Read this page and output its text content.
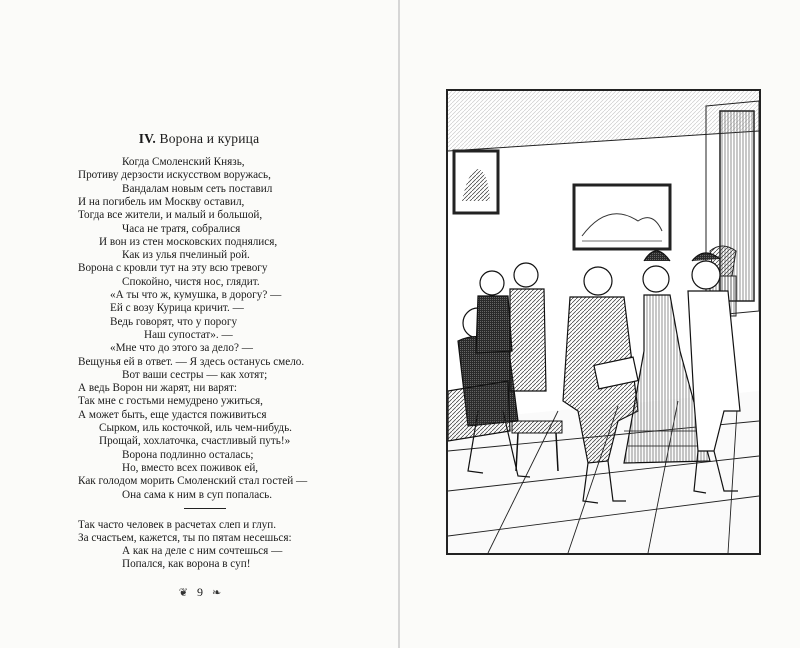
IV. Ворона и курица
Когда Смоленский Князь,
Противу дерзости искусством воружась,
Вандалам новым сеть поставил
И на погибель им Москву оставил,
Тогда все жители, и малый и большой,
Часа не тратя, собралися
И вон из стен московских поднялися,
Как из улья пчелиный рой.
Ворона с кровли тут на эту всю тревогу
Спокойно, чистя нос, глядит.
«А ты что ж, кумушка, в дорогу? —
Ей с возу Курица кричит. —
Ведь говорят, что у порогу
Наш супостат». —
«Мне что до этого за дело? —
Вещунья ей в ответ. — Я здесь останусь смело.
Вот ваши сестры — как хотят;
А ведь Ворон ни жарят, ни варят:
Так мне с гостьми немудрено ужиться,
А может быть, еще удастся поживиться
Сырком, иль косточкой, иль чем-нибудь.
Прощай, хохлаточка, счастливый путь!»
Ворона подлинно осталась;
Но, вместо всех поживок ей,
Как голодом морить Смоленский стал гостей —
Она сама к ним в суп попалась.
Так часто человек в расчетах слеп и глуп.
За счастьем, кажется, ты по пятам несешься:
А как на деле с ним сочтешься —
Попался, как ворона в суп!
❦ 9 ❧
